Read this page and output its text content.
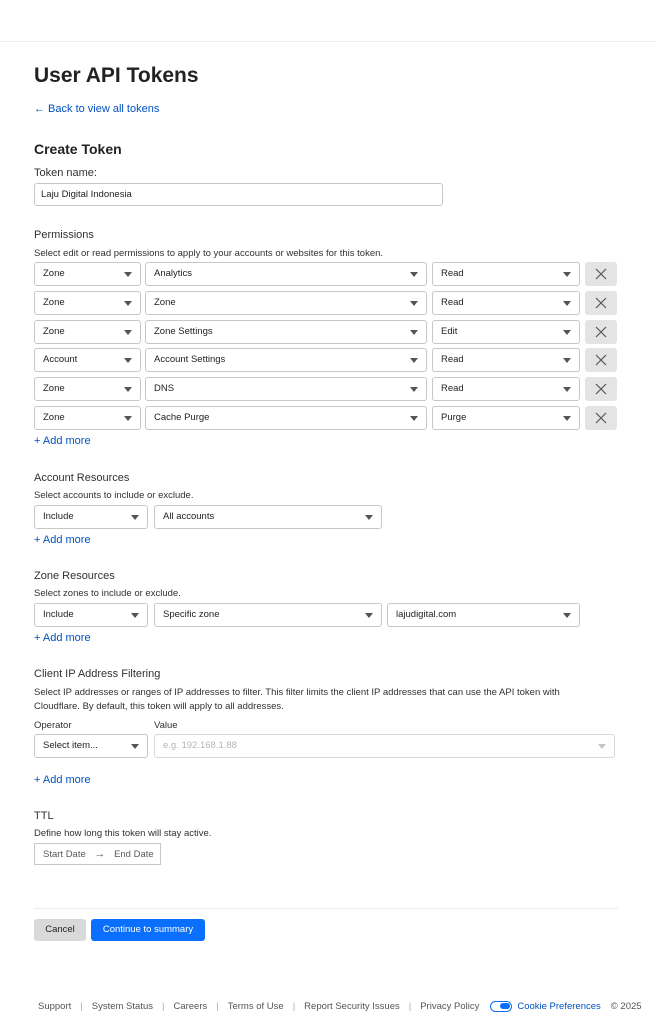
User API Tokens
← Back to view all tokens
Create Token
Token name:
Laju Digital Indonesia
Permissions
Select edit or read permissions to apply to your accounts or websites for this token.
Zone	Analytics	Read
Zone	Zone	Read
Zone	Zone Settings	Edit
Account	Account Settings	Read
Zone	DNS	Read
Zone	Cache Purge	Purge
+ Add more
Account Resources
Select accounts to include or exclude.
Include	All accounts
+ Add more
Zone Resources
Select zones to include or exclude.
Include	Specific zone	lajudigital.com
+ Add more
Client IP Address Filtering
Select IP addresses or ranges of IP addresses to filter. This filter limits the client IP addresses that can use the API token with Cloudflare. By default, this token will apply to all addresses.
Operator	Value
Select item...	e.g. 192.168.1.88
+ Add more
TTL
Define how long this token will stay active.
Start Date → End Date
Cancel	Continue to summary
Support | System Status | Careers | Terms of Use | Report Security Issues | Privacy Policy	Cookie Preferences © 2025
